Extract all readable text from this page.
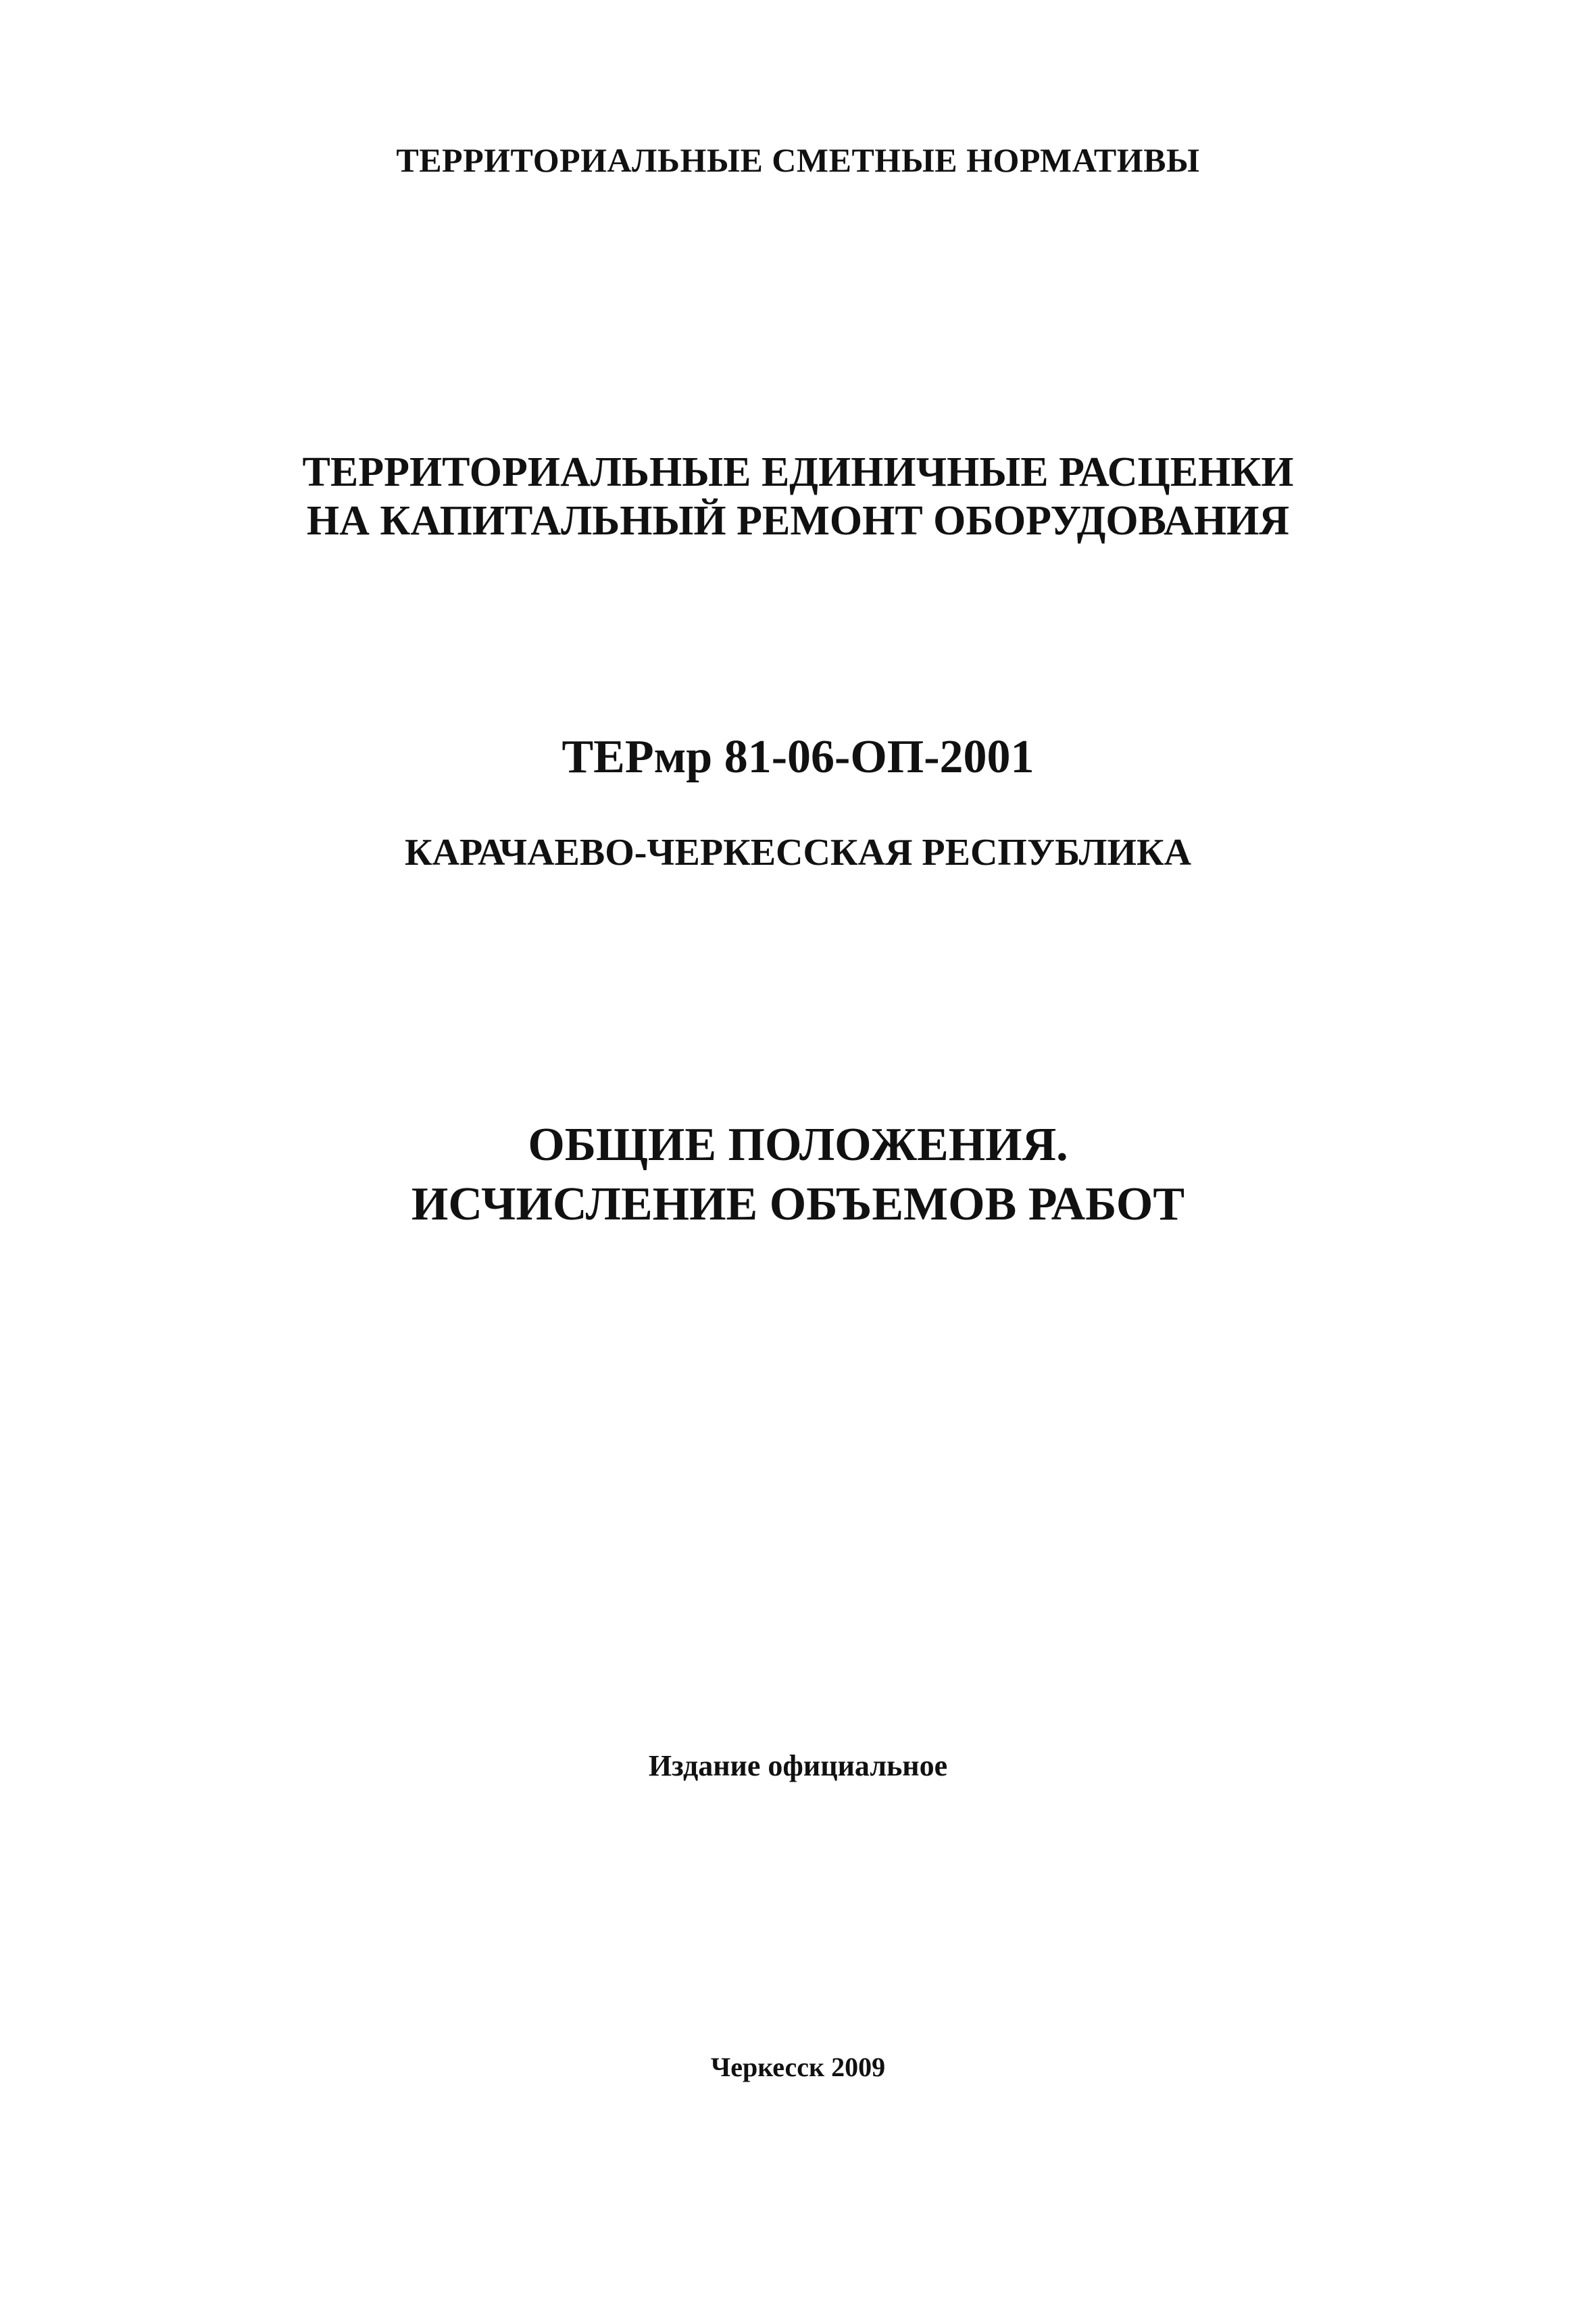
ТЕРРИТОРИАЛЬНЫЕ СМЕТНЫЕ НОРМАТИВЫ
ТЕРРИТОРИАЛЬНЫЕ ЕДИНИЧНЫЕ РАСЦЕНКИ
НА КАПИТАЛЬНЫЙ РЕМОНТ ОБОРУДОВАНИЯ
ТЕРмр 81-06-ОП-2001
КАРАЧАЕВО-ЧЕРКЕССКАЯ РЕСПУБЛИКА
ОБЩИЕ ПОЛОЖЕНИЯ.
ИСЧИСЛЕНИЕ ОБЪЕМОВ РАБОТ
Издание официальное
Черкесск 2009
